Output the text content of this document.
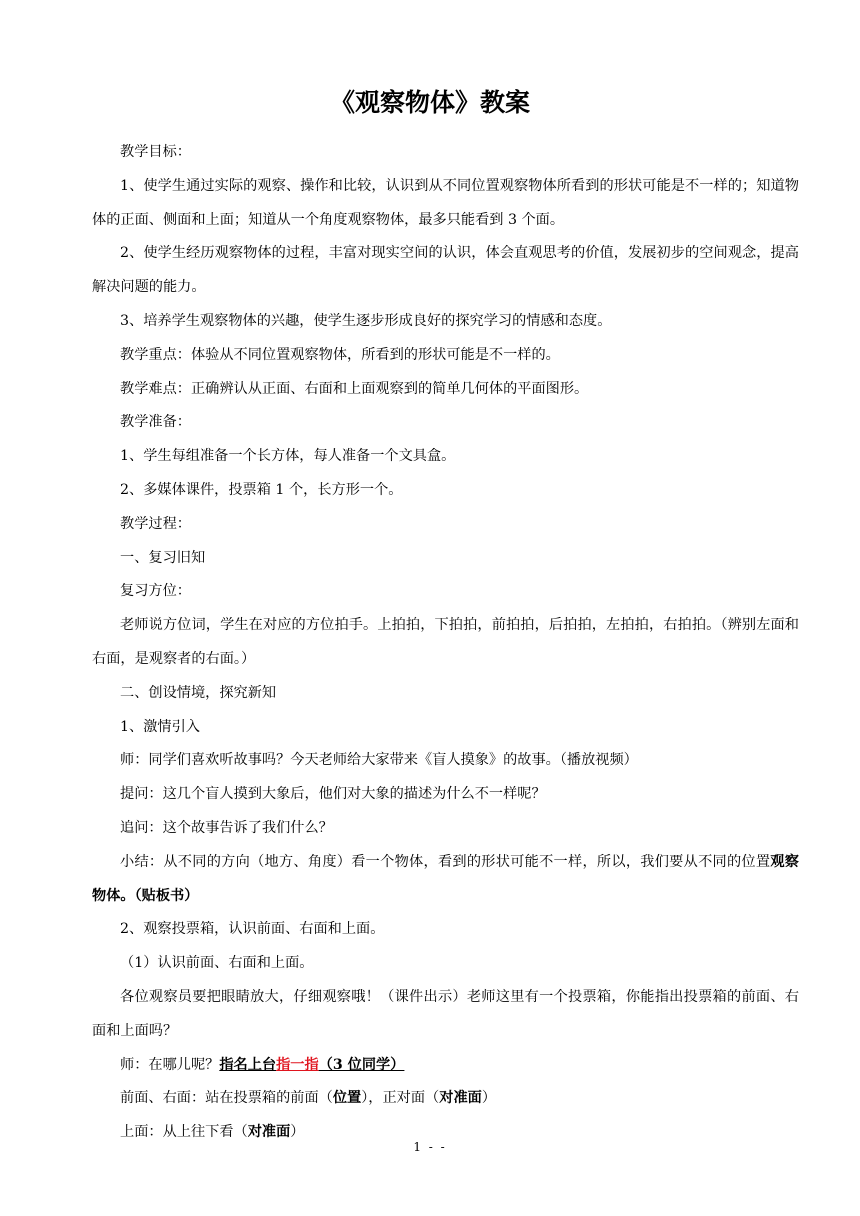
《观察物体》教案

教学目标：

1、使学生通过实际的观察、操作和比较，认识到从不同位置观察物体所看到的形状可能是不一样的；知道物体的正面、侧面和上面；知道从一个角度观察物体，最多只能看到 3 个面。

2、使学生经历观察物体的过程，丰富对现实空间的认识，体会直观思考的价值，发展初步的空间观念，提高解决问题的能力。

3、培养学生观察物体的兴趣，使学生逐步形成良好的探究学习的情感和态度。

教学重点：体验从不同位置观察物体，所看到的形状可能是不一样的。

教学难点：正确辨认从正面、右面和上面观察到的简单几何体的平面图形。

教学准备：

1、学生每组准备一个长方体，每人准备一个文具盒。

2、多媒体课件，投票箱 1 个，长方形一个。

教学过程：

一、复习旧知

复习方位：

老师说方位词，学生在对应的方位拍手。上拍拍，下拍拍，前拍拍，后拍拍，左拍拍，右拍拍。（辨别左面和右面，是观察者的右面。）

二、创设情境，探究新知

1、激情引入

师：同学们喜欢听故事吗？今天老师给大家带来《盲人摸象》的故事。（播放视频）

提问：这几个盲人摸到大象后，他们对大象的描述为什么不一样呢？

追问：这个故事告诉了我们什么？

小结：从不同的方向（地方、角度）看一个物体，看到的形状可能不一样，所以，我们要从不同的位置观察物体。（贴板书）

2、观察投票箱，认识前面、右面和上面。

（1）认识前面、右面和上面。

各位观察员要把眼睛放大，仔细观察哦！（课件出示）老师这里有一个投票箱，你能指出投票箱的前面、右面和上面吗？

师：在哪儿呢？指名上台指一指（3 位同学）

前面、右面：站在投票箱的前面（位置），正对面（对准面）

上面：从上往下看（对准面）

1 - -
